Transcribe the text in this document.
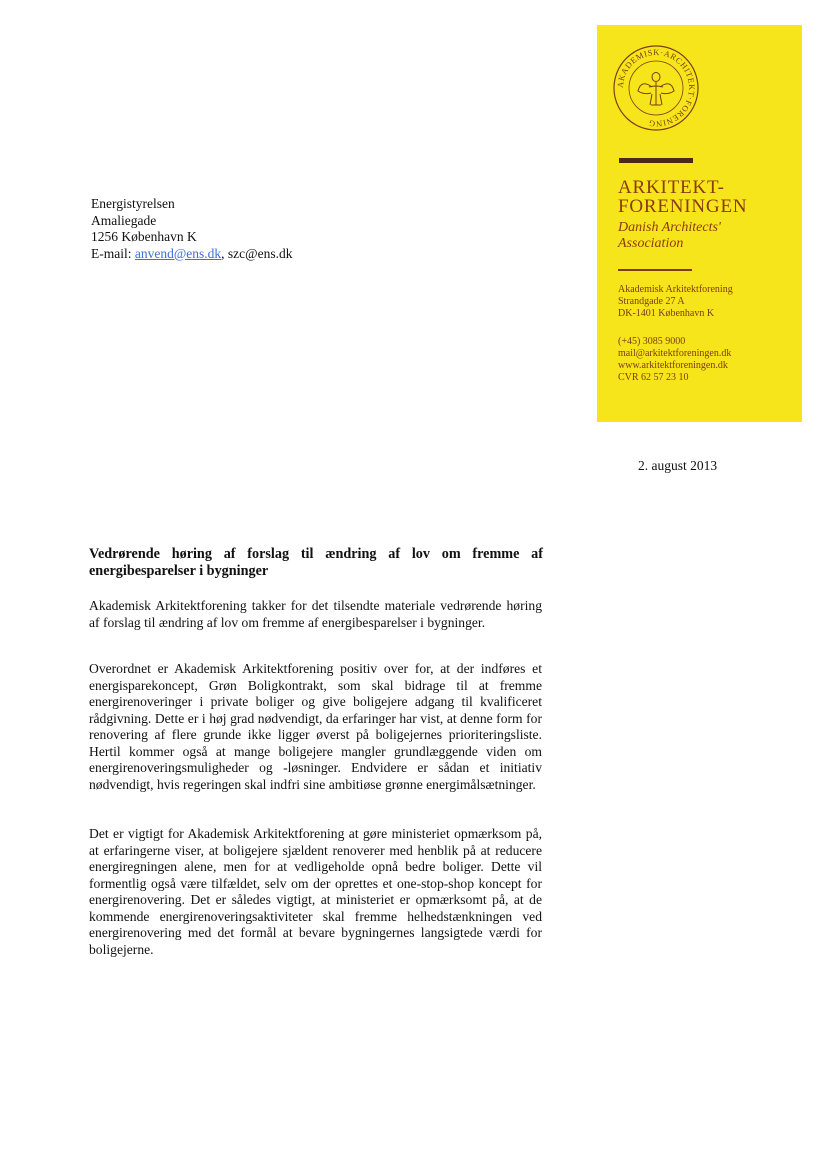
Energistyrelsen
Amaliegade
1256 København K
E-mail: anvend@ens.dk, szc@ens.dk
AKADEMISK·ARCHITEKT·FORENING
ARKITEKT-
FORENINGEN
Danish Architects'
Association
Akademisk Arkitektforening
Strandgade 27 A
DK-1401 København K
(+45) 3085 9000
mail@arkitektforeningen.dk
www.arkitektforeningen.dk
CVR 62 57 23 10
2. august 2013
Vedrørende høring af forslag til ændring af lov om fremme af energibesparelser i bygninger
Akademisk Arkitektforening takker for det tilsendte materiale vedrørende høring af forslag til ændring af lov om fremme af energibesparelser i bygninger.
Overordnet er Akademisk Arkitektforening positiv over for, at der indføres et energisparekoncept, Grøn Boligkontrakt, som skal bidrage til at fremme energirenoveringer i private boliger og give boligejere adgang til kvalificeret rådgivning. Dette er i høj grad nødvendigt, da erfaringer har vist, at denne form for renovering af flere grunde ikke ligger øverst på boligejernes prioriteringsliste. Hertil kommer også at mange boligejere mangler grundlæggende viden om energirenoveringsmuligheder og -løsninger. Endvidere er sådan et initiativ nødvendigt, hvis regeringen skal indfri sine ambitiøse grønne energimålsætninger.
Det er vigtigt for Akademisk Arkitektforening at gøre ministeriet opmærksom på, at erfaringerne viser, at boligejere sjældent renoverer med henblik på at reducere energiregningen alene, men for at vedligeholde opnå bedre boliger. Dette vil formentlig også være tilfældet, selv om der oprettes et one-stop-shop koncept for energirenovering. Det er således vigtigt, at ministeriet er opmærksomt på, at de kommende energirenoveringsaktiviteter skal fremme helhedstænkningen ved energirenovering med det formål at bevare bygningernes langsigtede værdi for boligejerne.
